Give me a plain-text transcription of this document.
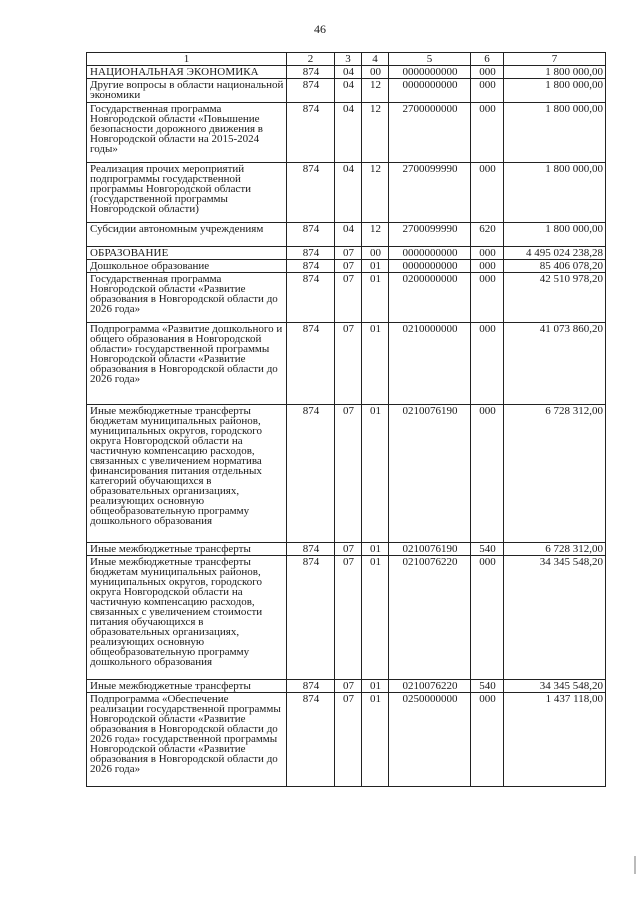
46
1	2	3	4	5	6	7
НАЦИОНАЛЬНАЯ ЭКОНОМИКА	874	04	00	0000000000	000	1 800 000,00
Другие вопросы в области национальной экономики	874	04	12	0000000000	000	1 800 000,00
Государственная программа Новгородской области «Повышение безопасности дорожного движения в Новгородской области на 2015-2024 годы»	874	04	12	2700000000	000	1 800 000,00
Реализация прочих мероприятий подпрограммы государственной программы Новгородской области (государственной программы Новгородской области)	874	04	12	2700099990	000	1 800 000,00
Субсидии автономным учреждениям	874	04	12	2700099990	620	1 800 000,00
ОБРАЗОВАНИЕ	874	07	00	0000000000	000	4 495 024 238,28
Дошкольное образование	874	07	01	0000000000	000	85 406 078,20
Государственная программа Новгородской области «Развитие образования в Новгородской области до 2026 года»	874	07	01	0200000000	000	42 510 978,20
Подпрограмма «Развитие дошкольного и общего образования в Новгородской области» государственной программы Новгородской области «Развитие образования в Новгородской области до 2026 года»	874	07	01	0210000000	000	41 073 860,20
Иные межбюджетные трансферты бюджетам муниципальных районов, муниципальных округов, городского округа Новгородской области на частичную компенсацию расходов, связанных с увеличением норматива финансирования питания отдельных категорий обучающихся в образовательных организациях, реализующих основную общеобразовательную программу дошкольного образования	874	07	01	0210076190	000	6 728 312,00
Иные межбюджетные трансферты	874	07	01	0210076190	540	6 728 312,00
Иные межбюджетные трансферты бюджетам муниципальных районов, муниципальных округов, городского округа Новгородской области на частичную компенсацию расходов, связанных с увеличением стоимости питания обучающихся в образовательных организациях, реализующих основную общеобразовательную программу дошкольного образования	874	07	01	0210076220	000	34 345 548,20
Иные межбюджетные трансферты	874	07	01	0210076220	540	34 345 548,20
Подпрограмма «Обеспечение реализации государственной программы Новгородской области «Развитие образования в Новгородской области до 2026 года» государственной программы Новгородской области «Развитие образования в Новгородской области до 2026 года»	874	07	01	0250000000	000	1 437 118,00
